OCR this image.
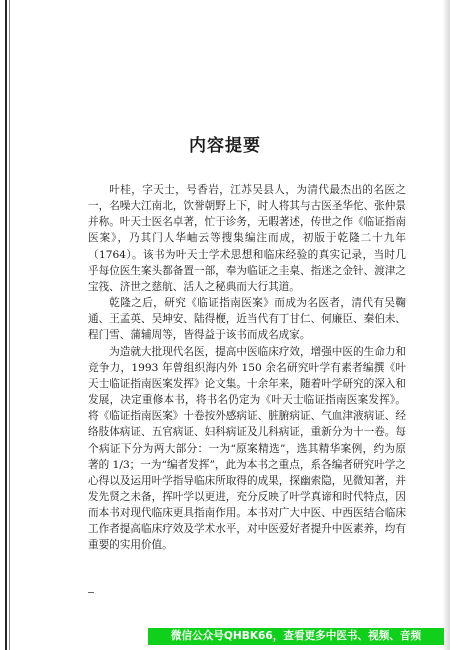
内容提要

叶桂，字天士，号香岩，江苏吴县人，为清代最杰出的名医之一，名噪大江南北，饮誉朝野上下，时人将其与古医圣华佗、张仲景并称。叶天士医名卓著，忙于诊务，无暇著述，传世之作《临证指南医案》，乃其门人华岫云等搜集编注而成，初版于乾隆二十九年（1764）。该书为叶天士学术思想和临床经验的真实记录，当时几乎每位医生案头都备置一部，奉为临证之圭臬、指迷之金针、渡津之宝筏、济世之慈航、活人之秘典而大行其道。

乾隆之后，研究《临证指南医案》而成为名医者，清代有吴鞠通、王孟英、吴坤安、陆得楩，近当代有丁甘仁、何廉臣、秦伯未、程门雪、蒲辅周等，皆得益于该书而成名成家。

为造就大批现代名医，提高中医临床疗效，增强中医的生命力和竞争力，1993 年曾组织海内外 150 余名研究叶学有素者编撰《叶天士临证指南医案发挥》论文集。十余年来，随着叶学研究的深入和发展，决定重修本书，将书名仍定为《叶天士临证指南医案发挥》。将《临证指南医案》十卷按外感病证、脏腑病证、气血津液病证、经络肢体病证、五官病证、妇科病证及儿科病证，重新分为十一卷。每个病证下分为两大部分：一为“原案精选”，选其精华案例，约为原著的 1/3；一为“编者发挥”，此为本书之重点，系各编者研究叶学之心得以及运用叶学指导临床所取得的成果，探幽索隐，见微知著，并发先贤之未备，挥叶学以更进，充分反映了叶学真谛和时代特点，因而本书对现代临床更具指南作用。本书对广大中医、中西医结合临床工作者提高临床疗效及学术水平，对中医爱好者提升中医素养，均有重要的实用价值。

微信公众号QHBK66，查看更多中医书、视频、音频
